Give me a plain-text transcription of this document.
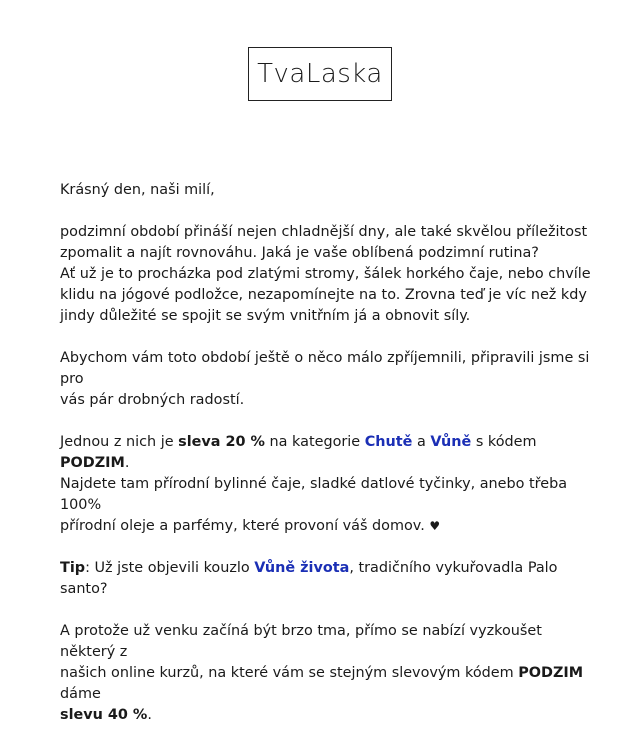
TvaLaska

Krásný den, naši milí,

podzimní období přináší nejen chladnější dny, ale také skvělou příležitost
zpomalit a najít rovnováhu. Jaká je vaše oblíbená podzimní rutina?
Ať už je to procházka pod zlatými stromy, šálek horkého čaje, nebo chvíle
klidu na jógové podložce, nezapomínejte na to. Zrovna teď je víc než kdy
jindy důležité se spojit se svým vnitřním já a obnovit síly.

Abychom vám toto období ještě o něco málo zpříjemnili, připravili jsme si pro
vás pár drobných radostí.

Jednou z nich je sleva 20 % na kategorie Chutě a Vůně s kódem PODZIM.
Najdete tam přírodní bylinné čaje, sladké datlové tyčinky, anebo třeba 100%
přírodní oleje a parfémy, které provoní váš domov. ♥

Tip: Už jste objevili kouzlo Vůně života, tradičního vykuřovadla Palo santo?

A protože už venku začíná být brzo tma, přímo se nabízí vyzkoušet některý z
našich online kurzů, na které vám se stejným slevovým kódem PODZIM dáme
slevu 40 %.
